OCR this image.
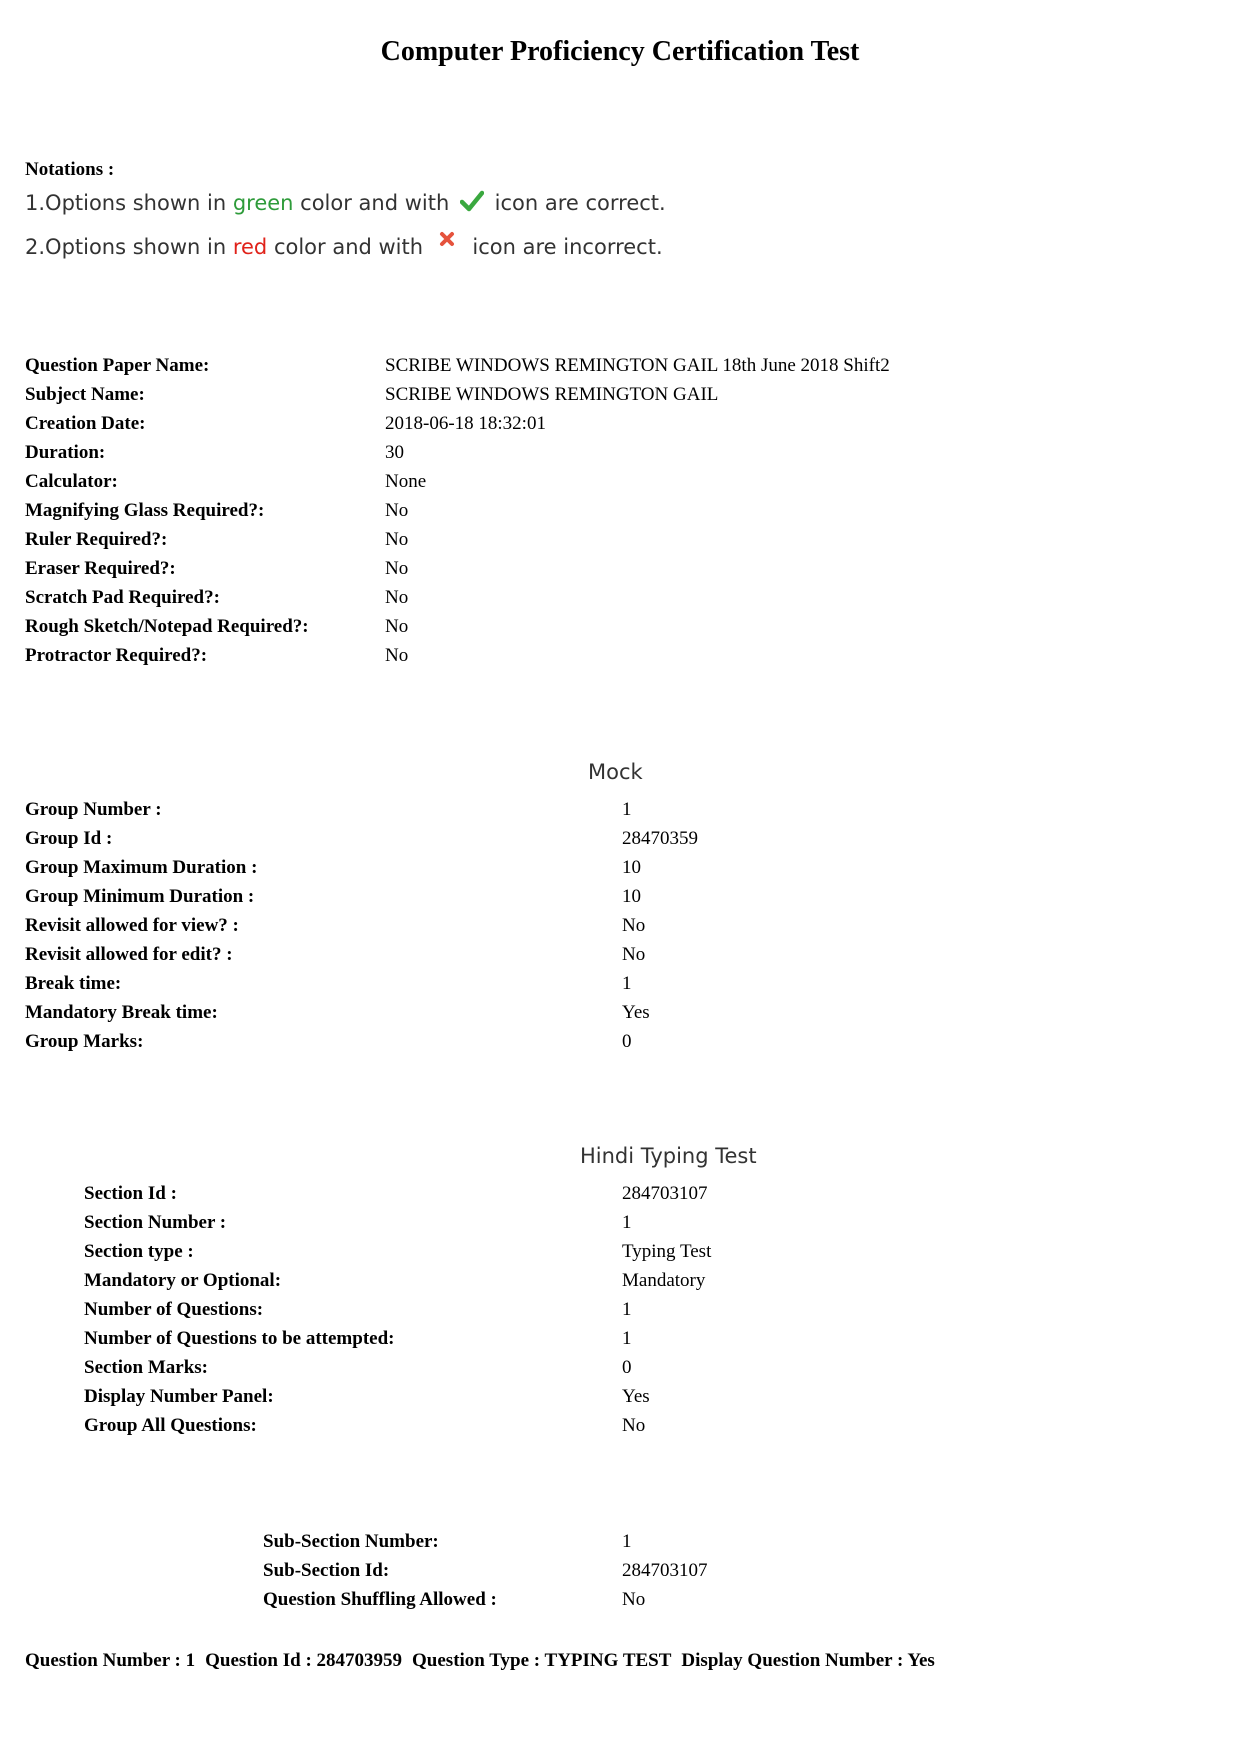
Computer Proficiency Certification Test
Notations :
1.Options shown in green color and with  icon are correct.
2.Options shown in red color and with  icon are incorrect.
Question Paper Name:	SCRIBE WINDOWS REMINGTON GAIL 18th June 2018 Shift2
Subject Name:	SCRIBE WINDOWS REMINGTON GAIL
Creation Date:	2018-06-18 18:32:01
Duration:	30
Calculator:	None
Magnifying Glass Required?:	No
Ruler Required?:	No
Eraser Required?:	No
Scratch Pad Required?:	No
Rough Sketch/Notepad Required?:	No
Protractor Required?:	No
Mock
Group Number :	1
Group Id :	28470359
Group Maximum Duration :	10
Group Minimum Duration :	10
Revisit allowed for view? :	No
Revisit allowed for edit? :	No
Break time:	1
Mandatory Break time:	Yes
Group Marks:	0
Hindi Typing Test
Section Id :	284703107
Section Number :	1
Section type :	Typing Test
Mandatory or Optional:	Mandatory
Number of Questions:	1
Number of Questions to be attempted:	1
Section Marks:	0
Display Number Panel:	Yes
Group All Questions:	No
Sub-Section Number:	1
Sub-Section Id:	284703107
Question Shuffling Allowed :	No
Question Number : 1 Question Id : 284703959 Question Type : TYPING TEST Display Question Number : Yes
